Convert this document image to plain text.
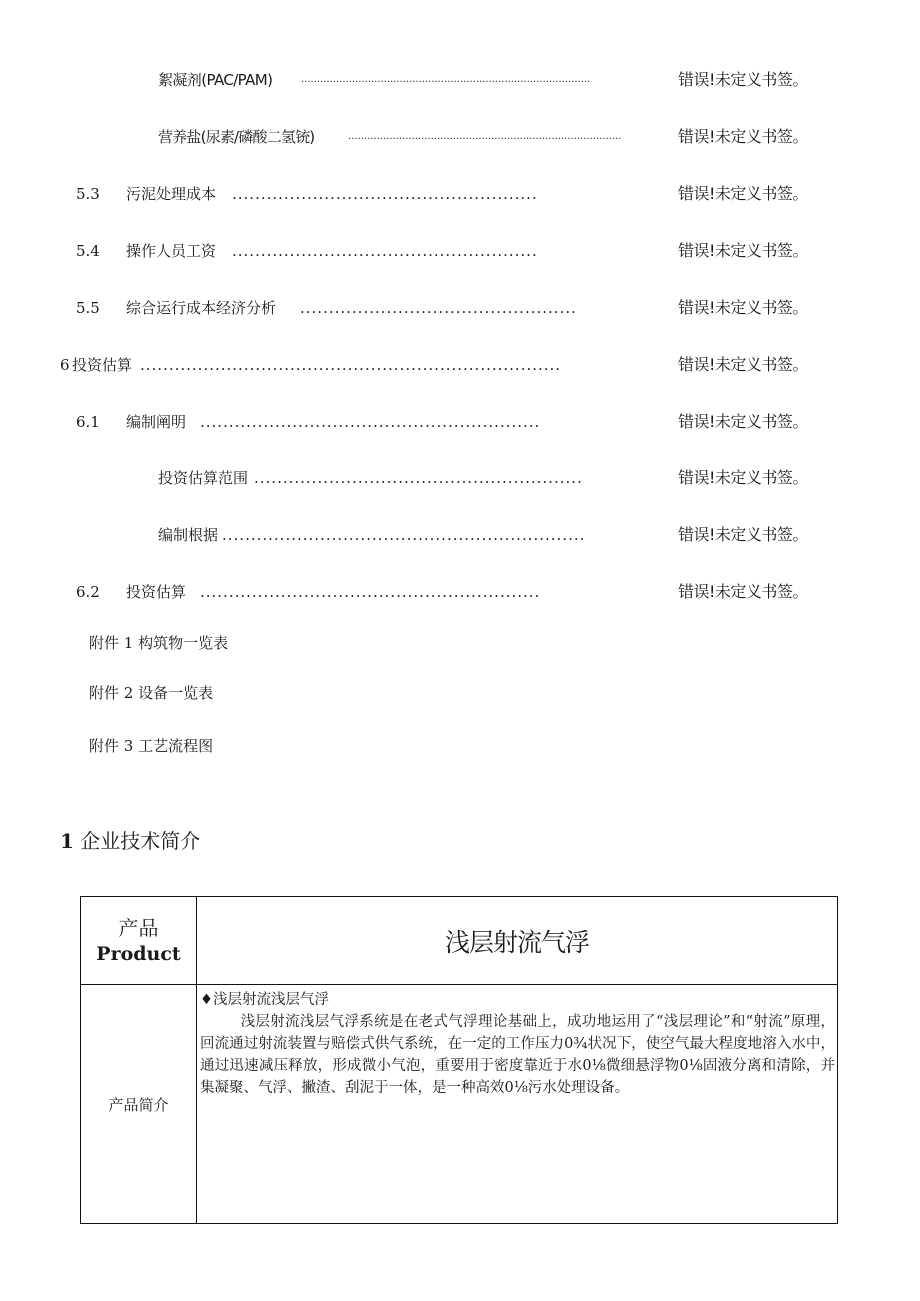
絮凝剂(PAC/PAM)	...........................................................................................	错误!未定义书签。
营养盐(尿素/磷酸二氢铳)	......................................................................................	错误!未定义书签。
5.3 污泥处理成本 .....................................................	错误!未定义书签。
5.4 操作人员工资 .....................................................	错误!未定义书签。
5.5 综合运行成本经济分析 ................................................	错误!未定义书签。
6 投资估算 .........................................................................	错误!未定义书签。
6.1 编制阐明 ...........................................................	错误!未定义书签。
投资估算范围 .........................................................	错误!未定义书签。
编制根据 ...............................................................	错误!未定义书签。
6.2 投资估算 ...........................................................	错误!未定义书签。
附件 1 构筑物一览表
附件 2 设备一览表
附件 3 工艺流程图
1 企业技术简介
产品
Product	浅层射流气浮
产品简介	♦浅层射流浅层气浮

浅层射流浅层气浮系统是在老式气浮理论基础上，成功地运用了“浅层理论”和“射流”原理，回流通过射流装置与赔偿式供气系统，在一定的工作压力0¾状况下，使空气最大程度地溶入水中，通过迅速减压释放，形成微小气泡，重要用于密度靠近于水0⅛微细悬浮物0⅛固液分离和清除，并集凝聚、气浮、撇渣、刮泥于一体，是一种高效0⅛污水处理设备。
